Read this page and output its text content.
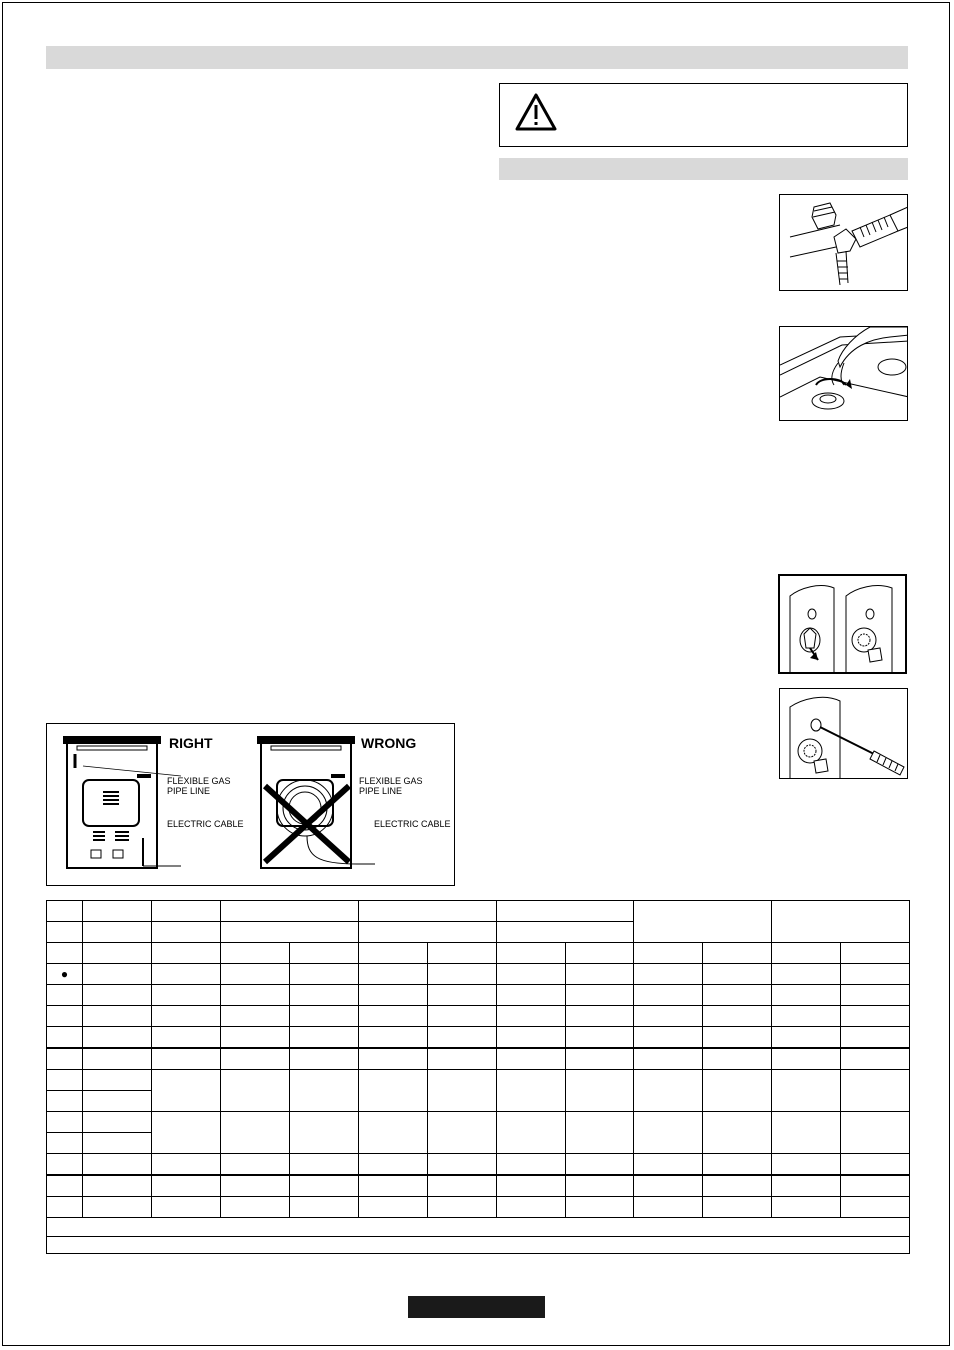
RIGHT
FLEXIBLE GAS
PIPE LINE
ELECTRIC CABLE
WRONG
FLEXIBLE GAS
PIPE LINE
ELECTRIC CABLE

●												
